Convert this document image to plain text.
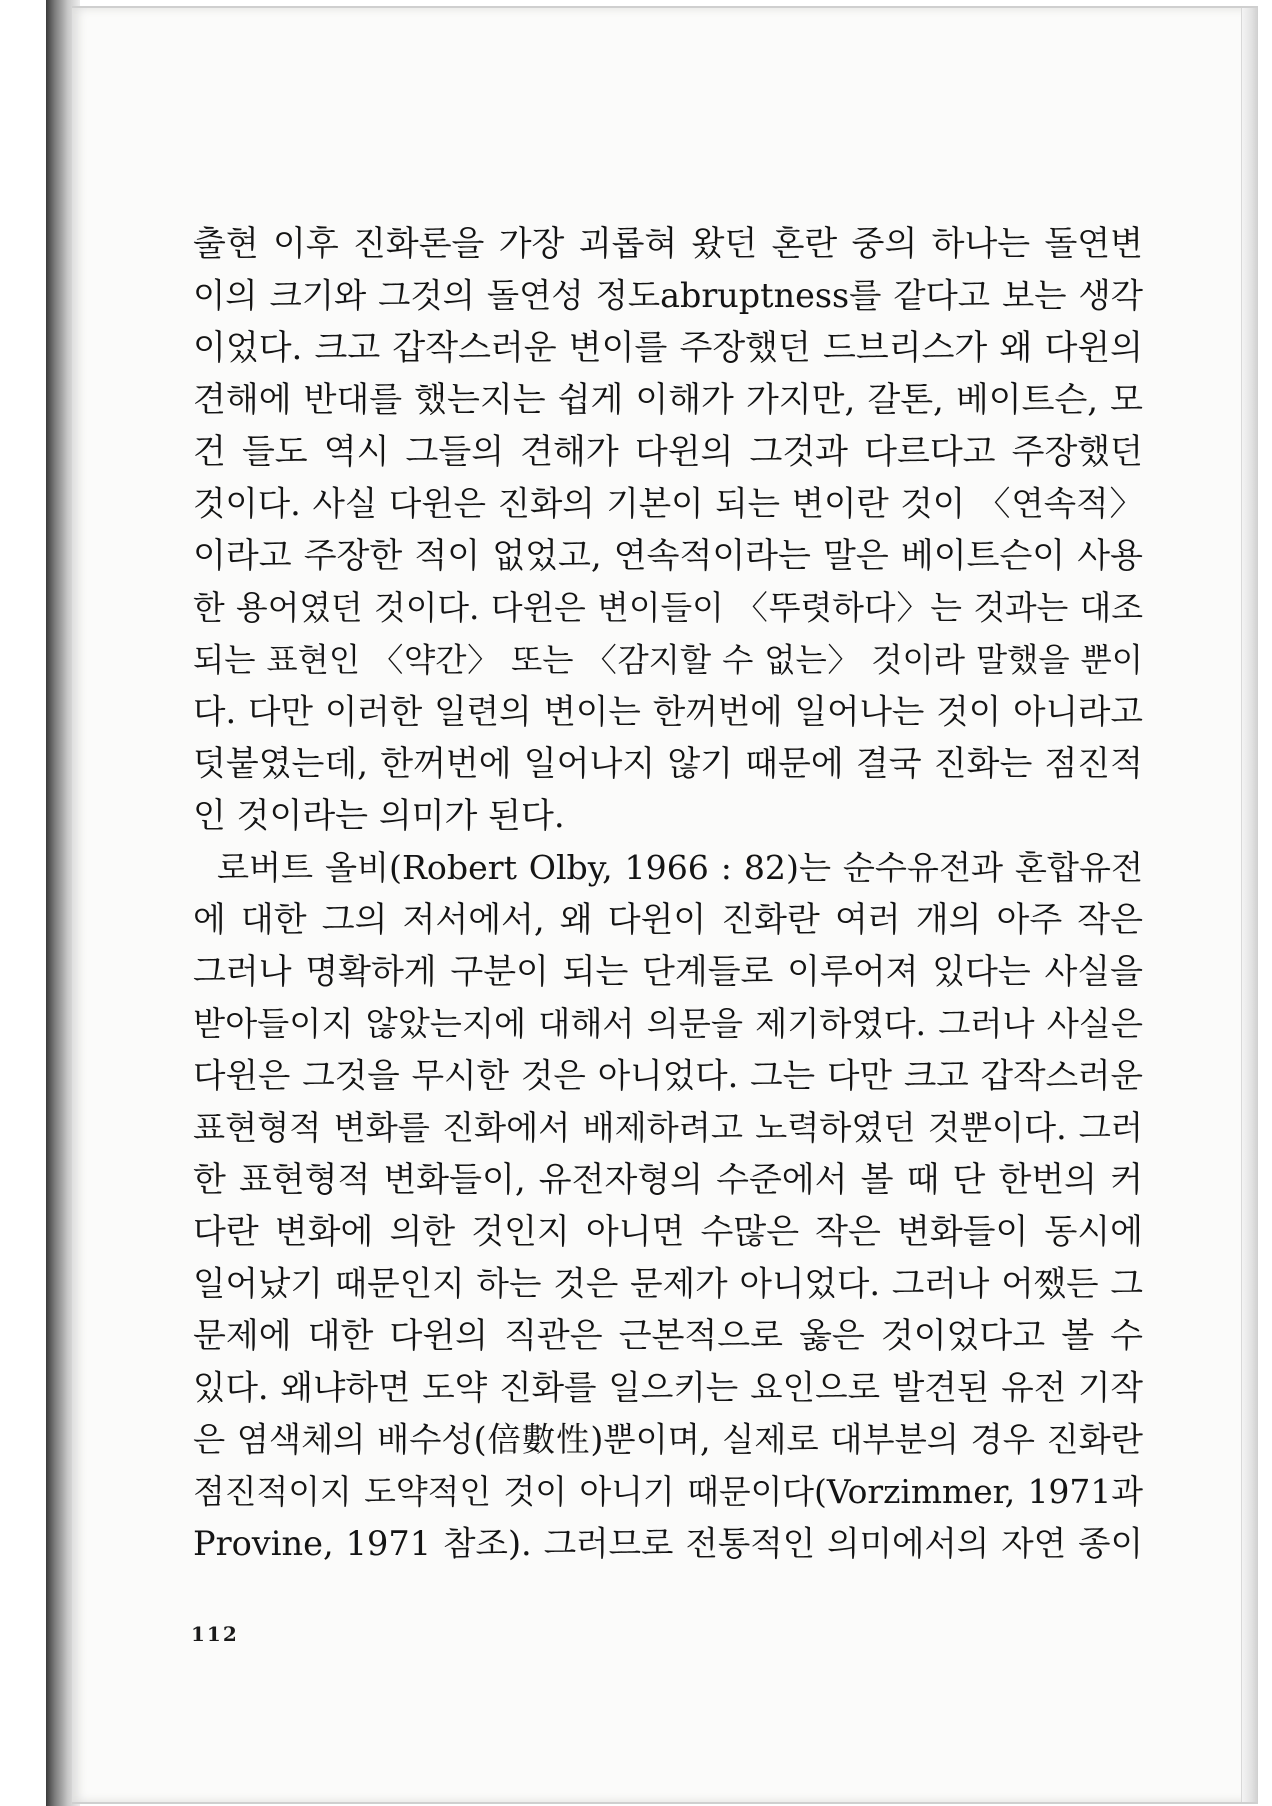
출현 이후 진화론을 가장 괴롭혀 왔던 혼란 중의 하나는 돌연변
이의 크기와 그것의 돌연성 정도abruptness를 같다고 보는 생각
이었다. 크고 갑작스러운 변이를 주장했던 드브리스가 왜 다윈의
견해에 반대를 했는지는 쉽게 이해가 가지만, 갈톤, 베이트슨, 모
건 들도 역시 그들의 견해가 다윈의 그것과 다르다고 주장했던
것이다. 사실 다윈은 진화의 기본이 되는 변이란 것이 〈연속적〉
이라고 주장한 적이 없었고, 연속적이라는 말은 베이트슨이 사용
한 용어였던 것이다. 다윈은 변이들이 〈뚜렷하다〉는 것과는 대조
되는 표현인 〈약간〉 또는 〈감지할 수 없는〉 것이라 말했을 뿐이
다. 다만 이러한 일련의 변이는 한꺼번에 일어나는 것이 아니라고
덧붙였는데, 한꺼번에 일어나지 않기 때문에 결국 진화는 점진적
인 것이라는 의미가 된다.
로버트 올비(Robert Olby, 1966 : 82)는 순수유전과 혼합유전
에 대한 그의 저서에서, 왜 다윈이 진화란 여러 개의 아주 작은
그러나 명확하게 구분이 되는 단계들로 이루어져 있다는 사실을
받아들이지 않았는지에 대해서 의문을 제기하였다. 그러나 사실은
다윈은 그것을 무시한 것은 아니었다. 그는 다만 크고 갑작스러운
표현형적 변화를 진화에서 배제하려고 노력하였던 것뿐이다. 그러
한 표현형적 변화들이, 유전자형의 수준에서 볼 때 단 한번의 커
다란 변화에 의한 것인지 아니면 수많은 작은 변화들이 동시에
일어났기 때문인지 하는 것은 문제가 아니었다. 그러나 어쨌든 그
문제에 대한 다윈의 직관은 근본적으로 옳은 것이었다고 볼 수
있다. 왜냐하면 도약 진화를 일으키는 요인으로 발견된 유전 기작
은 염색체의 배수성(倍數性)뿐이며, 실제로 대부분의 경우 진화란
점진적이지 도약적인 것이 아니기 때문이다(Vorzimmer, 1971과
Provine, 1971 참조). 그러므로 전통적인 의미에서의 자연 종이
112
